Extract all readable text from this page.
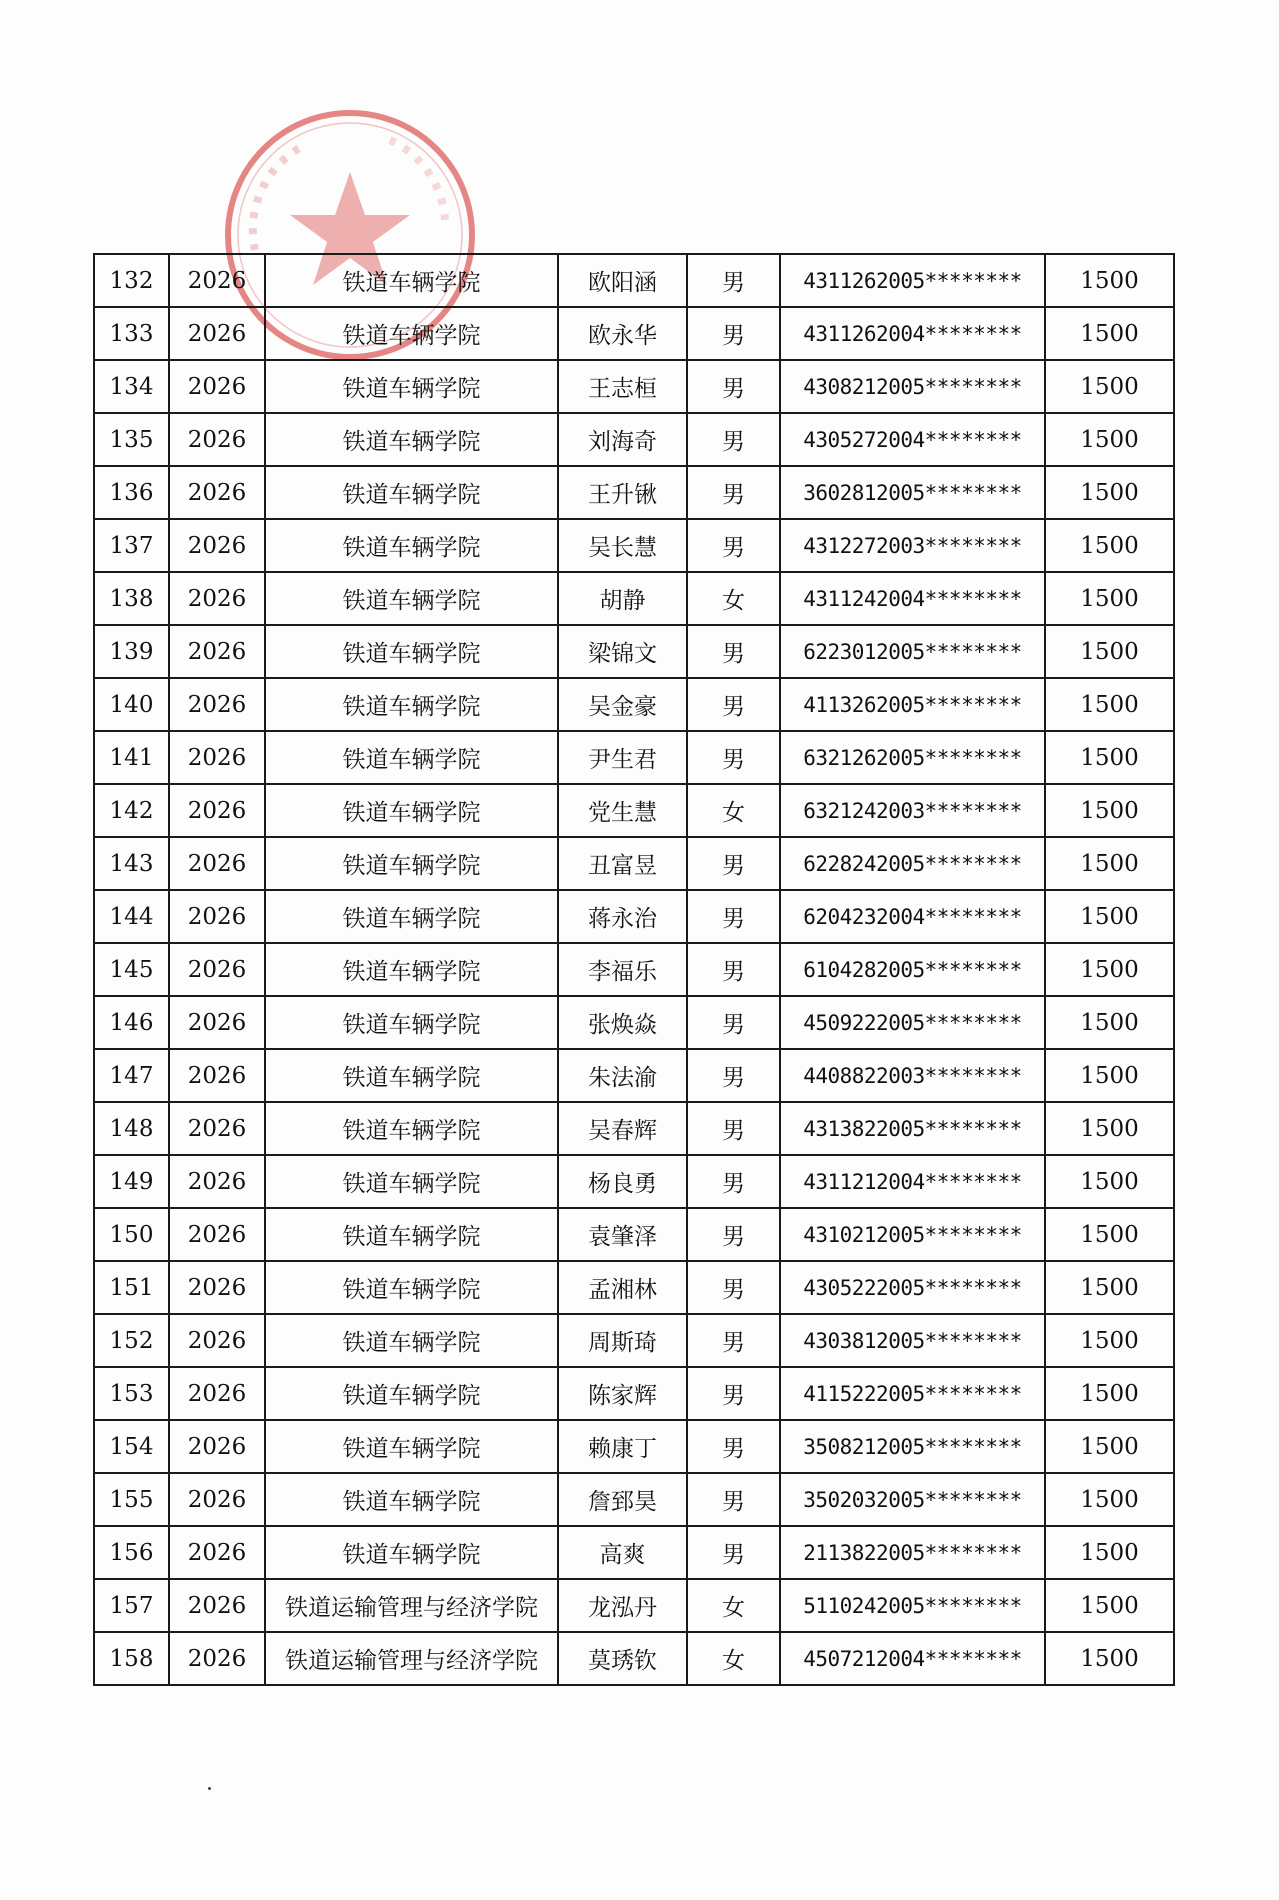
132	2026	铁道车辆学院	欧阳涵	男	4311262005********	1500
133	2026	铁道车辆学院	欧永华	男	4311262004********	1500
134	2026	铁道车辆学院	王志桓	男	4308212005********	1500
135	2026	铁道车辆学院	刘海奇	男	4305272004********	1500
136	2026	铁道车辆学院	王升锹	男	3602812005********	1500
137	2026	铁道车辆学院	吴长慧	男	4312272003********	1500
138	2026	铁道车辆学院	胡静	女	4311242004********	1500
139	2026	铁道车辆学院	梁锦文	男	6223012005********	1500
140	2026	铁道车辆学院	吴金豪	男	4113262005********	1500
141	2026	铁道车辆学院	尹生君	男	6321262005********	1500
142	2026	铁道车辆学院	党生慧	女	6321242003********	1500
143	2026	铁道车辆学院	丑富昱	男	6228242005********	1500
144	2026	铁道车辆学院	蒋永治	男	6204232004********	1500
145	2026	铁道车辆学院	李福乐	男	6104282005********	1500
146	2026	铁道车辆学院	张焕焱	男	4509222005********	1500
147	2026	铁道车辆学院	朱法渝	男	4408822003********	1500
148	2026	铁道车辆学院	吴春辉	男	4313822005********	1500
149	2026	铁道车辆学院	杨良勇	男	4311212004********	1500
150	2026	铁道车辆学院	袁肇泽	男	4310212005********	1500
151	2026	铁道车辆学院	孟湘林	男	4305222005********	1500
152	2026	铁道车辆学院	周斯琦	男	4303812005********	1500
153	2026	铁道车辆学院	陈家辉	男	4115222005********	1500
154	2026	铁道车辆学院	赖康丁	男	3508212005********	1500
155	2026	铁道车辆学院	詹郅昊	男	3502032005********	1500
156	2026	铁道车辆学院	高爽	男	2113822005********	1500
157	2026	铁道运输管理与经济学院	龙泓丹	女	5110242005********	1500
158	2026	铁道运输管理与经济学院	莫琇钦	女	4507212004********	1500
